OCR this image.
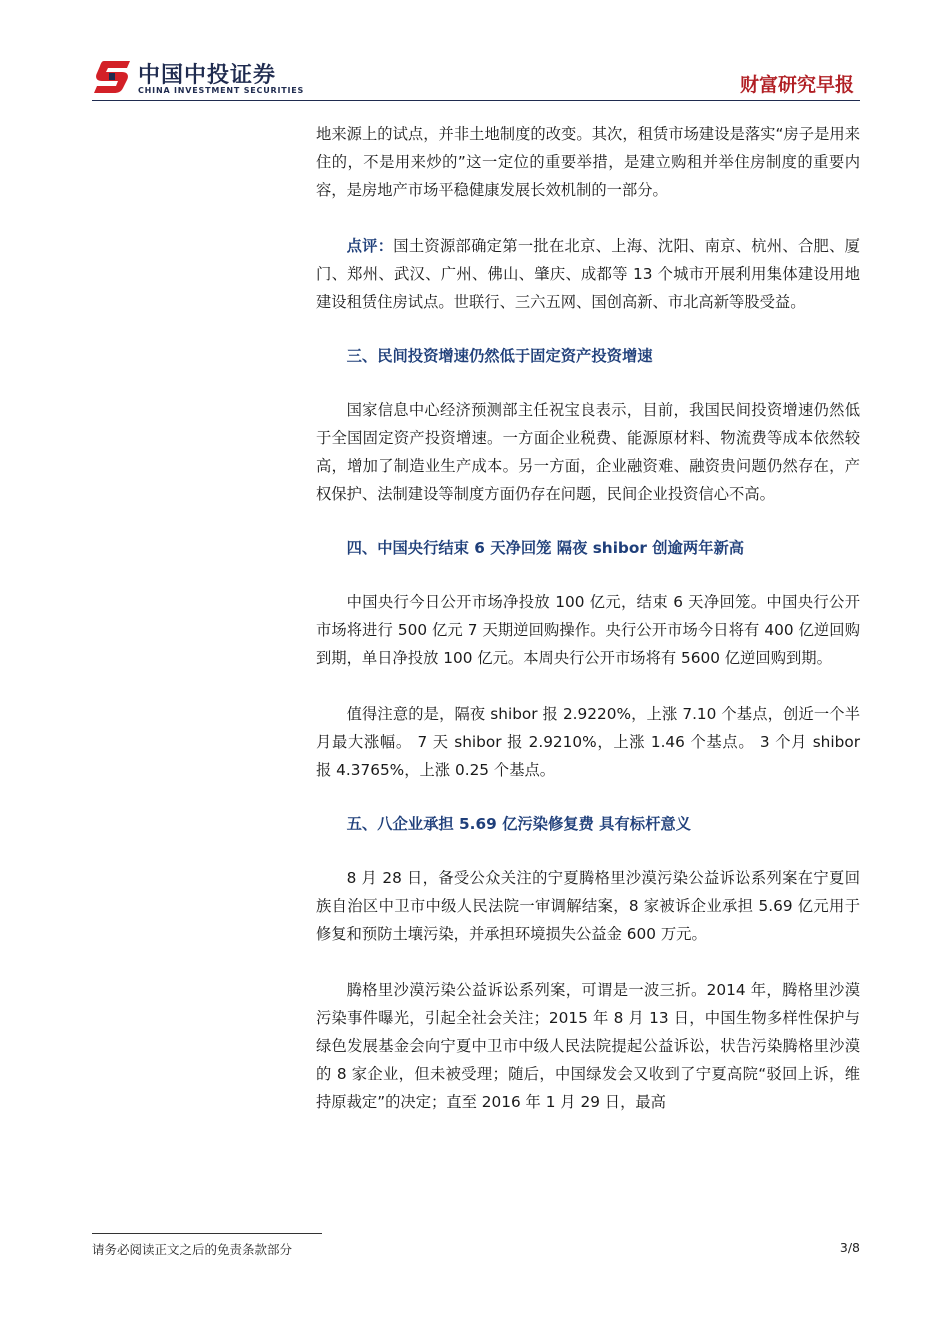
中国中投证券
CHINA INVESTMENT SECURITIES	财富研究早报

地来源上的试点，并非土地制度的改变。其次，租赁市场建设是落实“房子是用来住的，不是用来炒的”这一定位的重要举措，是建立购租并举住房制度的重要内容，是房地产市场平稳健康发展长效机制的一部分。

点评：国土资源部确定第一批在北京、上海、沈阳、南京、杭州、合肥、厦门、郑州、武汉、广州、佛山、肇庆、成都等 13 个城市开展利用集体建设用地建设租赁住房试点。世联行、三六五网、国创高新、市北高新等股受益。

三、民间投资增速仍然低于固定资产投资增速

国家信息中心经济预测部主任祝宝良表示，目前，我国民间投资增速仍然低于全国固定资产投资增速。一方面企业税费、能源原材料、物流费等成本依然较高，增加了制造业生产成本。另一方面，企业融资难、融资贵问题仍然存在，产权保护、法制建设等制度方面仍存在问题，民间企业投资信心不高。

四、中国央行结束 6 天净回笼 隔夜 shibor 创逾两年新高

中国央行今日公开市场净投放 100 亿元，结束 6 天净回笼。中国央行公开市场将进行 500 亿元 7 天期逆回购操作。央行公开市场今日将有 400 亿逆回购到期，单日净投放 100 亿元。本周央行公开市场将有 5600 亿逆回购到期。

值得注意的是，隔夜 shibor 报 2.9220%，上涨 7.10 个基点，创近一个半月最大涨幅。 7 天 shibor 报 2.9210%，上涨 1.46 个基点。 3 个月 shibor 报 4.3765%，上涨 0.25 个基点。

五、八企业承担 5.69 亿污染修复费 具有标杆意义

8 月 28 日，备受公众关注的宁夏腾格里沙漠污染公益诉讼系列案在宁夏回族自治区中卫市中级人民法院一审调解结案，8 家被诉企业承担 5.69 亿元用于修复和预防土壤污染，并承担环境损失公益金 600 万元。

腾格里沙漠污染公益诉讼系列案，可谓是一波三折。2014 年，腾格里沙漠污染事件曝光，引起全社会关注；2015 年 8 月 13 日，中国生物多样性保护与绿色发展基金会向宁夏中卫市中级人民法院提起公益诉讼，状告污染腾格里沙漠的 8 家企业，但未被受理；随后，中国绿发会又收到了宁夏高院“驳回上诉，维持原裁定”的决定；直至 2016 年 1 月 29 日，最高

请务必阅读正文之后的免责条款部分	3/8
